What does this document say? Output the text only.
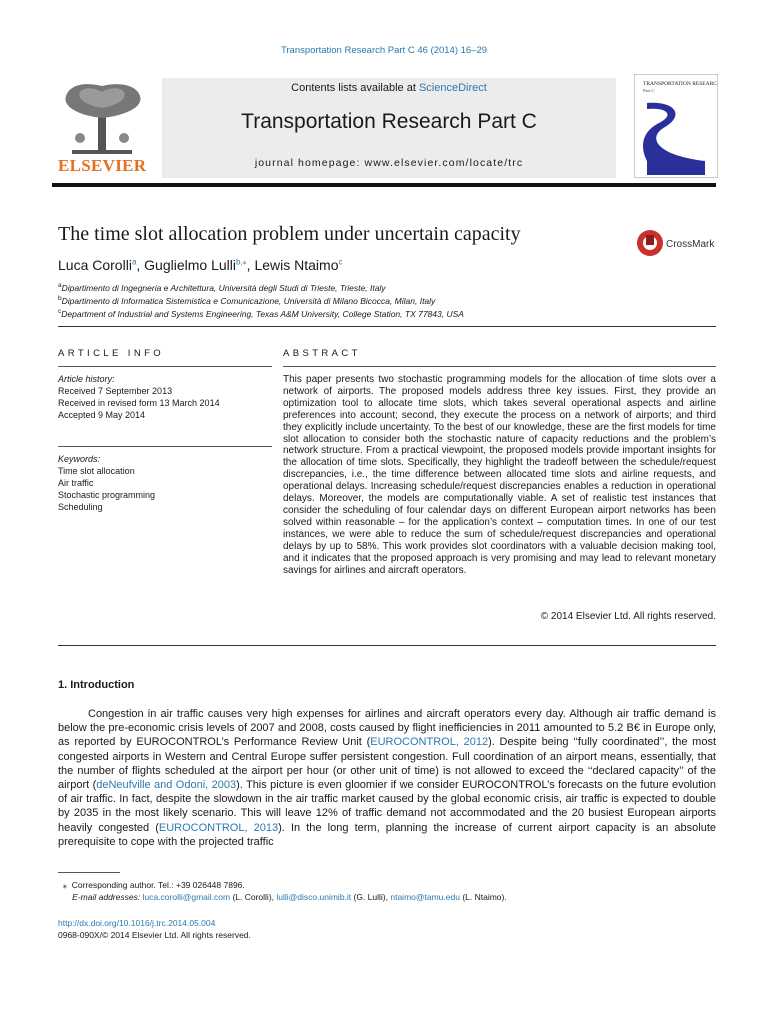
Transportation Research Part C 46 (2014) 16–29
ELSEVIER
Contents lists available at ScienceDirect
Transportation Research Part C
journal homepage: www.elsevier.com/locate/trc
TRANSPORTATION RESEARCH
Part C
The time slot allocation problem under uncertain capacity	CrossMark
Luca Corolli$^a$, Guglielmo Lulli$^{b,⁎}$, Lewis Ntaimo$^c$
$^a$Dipartimento di Ingegneria e Architettura, Università degli Studi di Trieste, Trieste, Italy
$^b$Dipartimento di Informatica Sistemistica e Comunicazione, Università di Milano Bicocca, Milan, Italy
$^c$Department of Industrial and Systems Engineering, Texas A&M University, College Station, TX 77843, USA
ARTICLE INFO
Article history:
Received 7 September 2013
Received in revised form 13 March 2014
Accepted 9 May 2014
Keywords:
Time slot allocation
Air traffic
Stochastic programming
Scheduling
ABSTRACT
This paper presents two stochastic programming models for the allocation of time slots over a network of airports. The proposed models address three key issues. First, they provide an optimization tool to allocate time slots, which takes several operational aspects and airline preferences into account; second, they execute the process on a network of airports; and third they explicitly include uncertainty. To the best of our knowledge, these are the first models for time slot allocation to consider both the stochastic nature of capacity reductions and the problem’s network structure. From a practical viewpoint, the proposed models provide important insights for the allocation of time slots. Specifically, they highlight the tradeoff between the schedule/request discrepancies, i.e., the time difference between allocated time slots and airline requests, and operational delays. Increasing schedule/request discrepancies enables a reduction in operational delays. Moreover, the models are computationally viable. A set of realistic test instances that consider the scheduling of four calendar days on different European airport networks has been solved within reasonable – for the application’s context – computation times. In one of our test instances, we were able to reduce the sum of schedule/request discrepancies and operational delays by up to 58%. This work provides slot coordinators with a valuable decision making tool, and it indicates that the proposed approach is very promising and may lead to relevant monetary savings for airlines and aircraft operators.
© 2014 Elsevier Ltd. All rights reserved.
1. Introduction
Congestion in air traffic causes very high expenses for airlines and aircraft operators every day. Although air traffic demand is below the pre-economic crisis levels of 2007 and 2008, costs caused by flight inefficiencies in 2011 amounted to 5.2 B€ in Europe only, as reported by EUROCONTROL’s Performance Review Unit (EUROCONTROL, 2012). Despite being ‘‘fully coordinated’’, the most congested airports in Western and Central Europe suffer persistent congestion. Full coordination of an airport means, essentially, that the number of flights scheduled at the airport per hour (or other unit of time) is not allowed to exceed the ‘‘declared capacity’’ of the airport (deNeufville and Odoni, 2003). This picture is even gloomier if we consider EUROCONTROL’s forecasts on the future evolution of air traffic. In fact, despite the slowdown in the air traffic market caused by the global economic crisis, air traffic is expected to double by 2035 in the most likely scenario. This will leave 12% of traffic demand not accommodated and the 20 busiest European airports heavily congested (EUROCONTROL, 2013). In the long term, planning the increase of current airport capacity is an absolute prerequisite to cope with the projected traffic
⁎ Corresponding author. Tel.: +39 026448 7896.
E-mail addresses: luca.corolli@gmail.com (L. Corolli), lulli@disco.unimib.it (G. Lulli), ntaimo@tamu.edu (L. Ntaimo).
http://dx.doi.org/10.1016/j.trc.2014.05.004
0968-090X/© 2014 Elsevier Ltd. All rights reserved.
